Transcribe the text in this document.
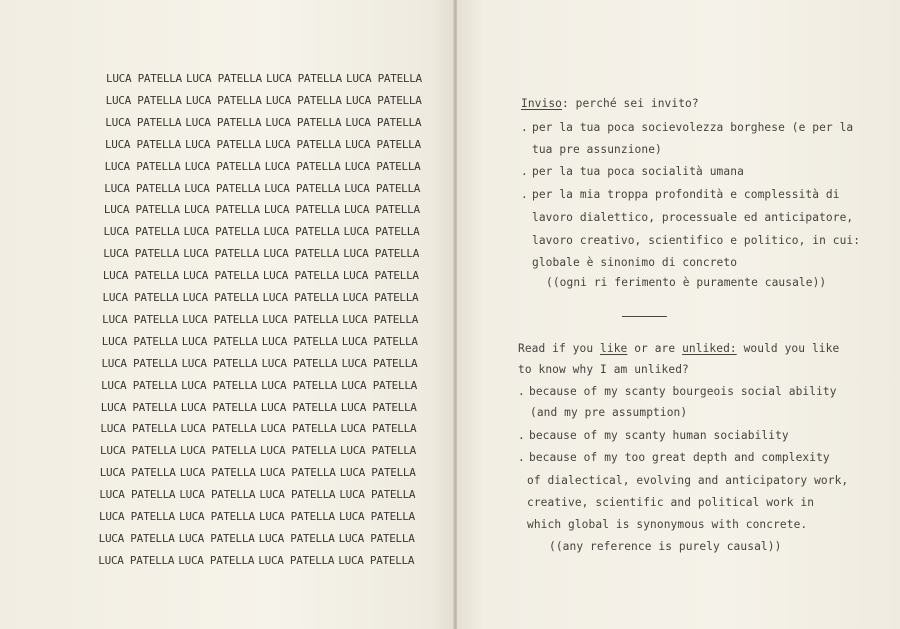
LUCA PATELLA LUCA PATELLA LUCA PATELLA LUCA PATELLA
LUCA PATELLA LUCA PATELLA LUCA PATELLA LUCA PATELLA
LUCA PATELLA LUCA PATELLA LUCA PATELLA LUCA PATELLA
LUCA PATELLA LUCA PATELLA LUCA PATELLA LUCA PATELLA
LUCA PATELLA LUCA PATELLA LUCA PATELLA LUCA PATELLA
LUCA PATELLA LUCA PATELLA LUCA PATELLA LUCA PATELLA
LUCA PATELLA LUCA PATELLA LUCA PATELLA LUCA PATELLA
LUCA PATELLA LUCA PATELLA LUCA PATELLA LUCA PATELLA
LUCA PATELLA LUCA PATELLA LUCA PATELLA LUCA PATELLA
LUCA PATELLA LUCA PATELLA LUCA PATELLA LUCA PATELLA
LUCA PATELLA LUCA PATELLA LUCA PATELLA LUCA PATELLA
LUCA PATELLA LUCA PATELLA LUCA PATELLA LUCA PATELLA
LUCA PATELLA LUCA PATELLA LUCA PATELLA LUCA PATELLA
LUCA PATELLA LUCA PATELLA LUCA PATELLA LUCA PATELLA
LUCA PATELLA LUCA PATELLA LUCA PATELLA LUCA PATELLA
LUCA PATELLA LUCA PATELLA LUCA PATELLA LUCA PATELLA
LUCA PATELLA LUCA PATELLA LUCA PATELLA LUCA PATELLA
LUCA PATELLA LUCA PATELLA LUCA PATELLA LUCA PATELLA
LUCA PATELLA LUCA PATELLA LUCA PATELLA LUCA PATELLA
LUCA PATELLA LUCA PATELLA LUCA PATELLA LUCA PATELLA
LUCA PATELLA LUCA PATELLA LUCA PATELLA LUCA PATELLA
LUCA PATELLA LUCA PATELLA LUCA PATELLA LUCA PATELLA
LUCA PATELLA LUCA PATELLA LUCA PATELLA LUCA PATELLA
Inviso: perché sei invito?
. per la tua poca socievolezza borghese (e per la
tua pre assunzione)
. per la tua poca socialità umana
. per la mia troppa profondità e complessità di
lavoro dialettico, processuale ed anticipatore,
lavoro creativo, scientifico e politico, in cui:
globale è sinonimo di concreto
((ogni ri ferimento è puramente causale))
Read if you like or are unliked: would you like
to know why I am unliked?
. because of my scanty bourgeois social ability
(and my pre assumption)
. because of my scanty human sociability
. because of my too great depth and complexity
of dialectical, evolving and anticipatory work,
creative, scientific and political work in
which global is synonymous with concrete.
((any reference is purely causal))
